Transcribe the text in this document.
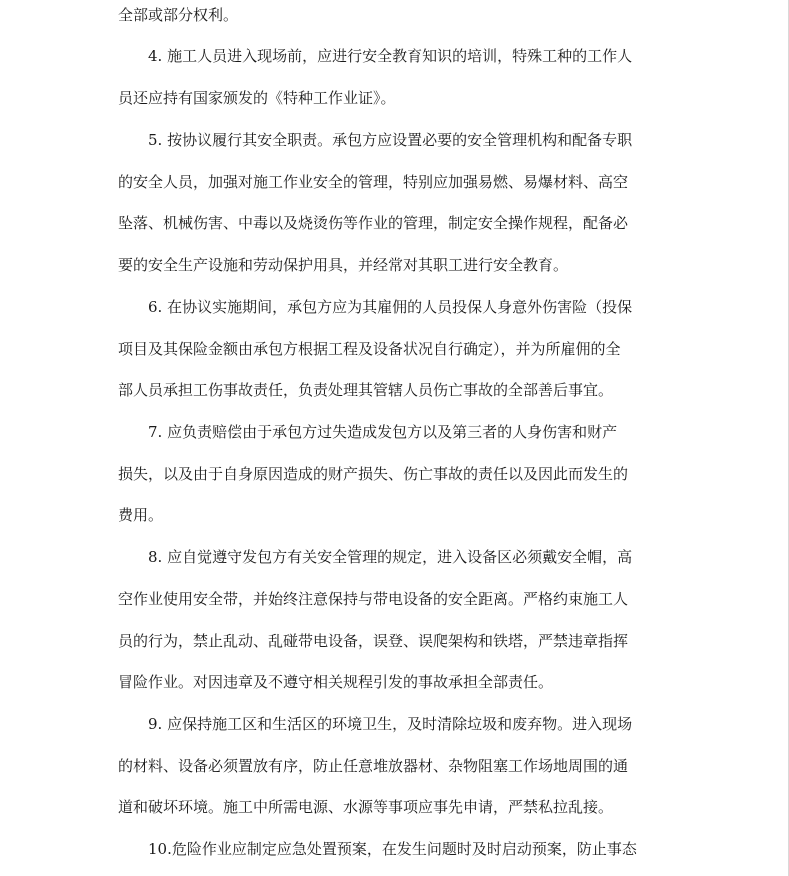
全部或部分权利。
4. 施工人员进入现场前，应进行安全教育知识的培训，特殊工种的工作人
员还应持有国家颁发的《特种工作业证》。
5. 按协议履行其安全职责。承包方应设置必要的安全管理机构和配备专职
的安全人员，加强对施工作业安全的管理，特别应加强易燃、易爆材料、高空
坠落、机械伤害、中毒以及烧烫伤等作业的管理，制定安全操作规程，配备必
要的安全生产设施和劳动保护用具，并经常对其职工进行安全教育。
6. 在协议实施期间，承包方应为其雇佣的人员投保人身意外伤害险（投保
项目及其保险金额由承包方根据工程及设备状况自行确定），并为所雇佣的全
部人员承担工伤事故责任，负责处理其管辖人员伤亡事故的全部善后事宜。
7. 应负责赔偿由于承包方过失造成发包方以及第三者的人身伤害和财产
损失，以及由于自身原因造成的财产损失、伤亡事故的责任以及因此而发生的
费用。
8. 应自觉遵守发包方有关安全管理的规定，进入设备区必须戴安全帽，高
空作业使用安全带，并始终注意保持与带电设备的安全距离。严格约束施工人
员的行为，禁止乱动、乱碰带电设备，误登、误爬架构和铁塔，严禁违章指挥
冒险作业。对因违章及不遵守相关规程引发的事故承担全部责任。
9. 应保持施工区和生活区的环境卫生，及时清除垃圾和废弃物。进入现场
的材料、设备必须置放有序，防止任意堆放器材、杂物阻塞工作场地周围的通
道和破坏环境。施工中所需电源、水源等事项应事先申请，严禁私拉乱接。
10.危险作业应制定应急处置预案，在发生问题时及时启动预案，防止事态
